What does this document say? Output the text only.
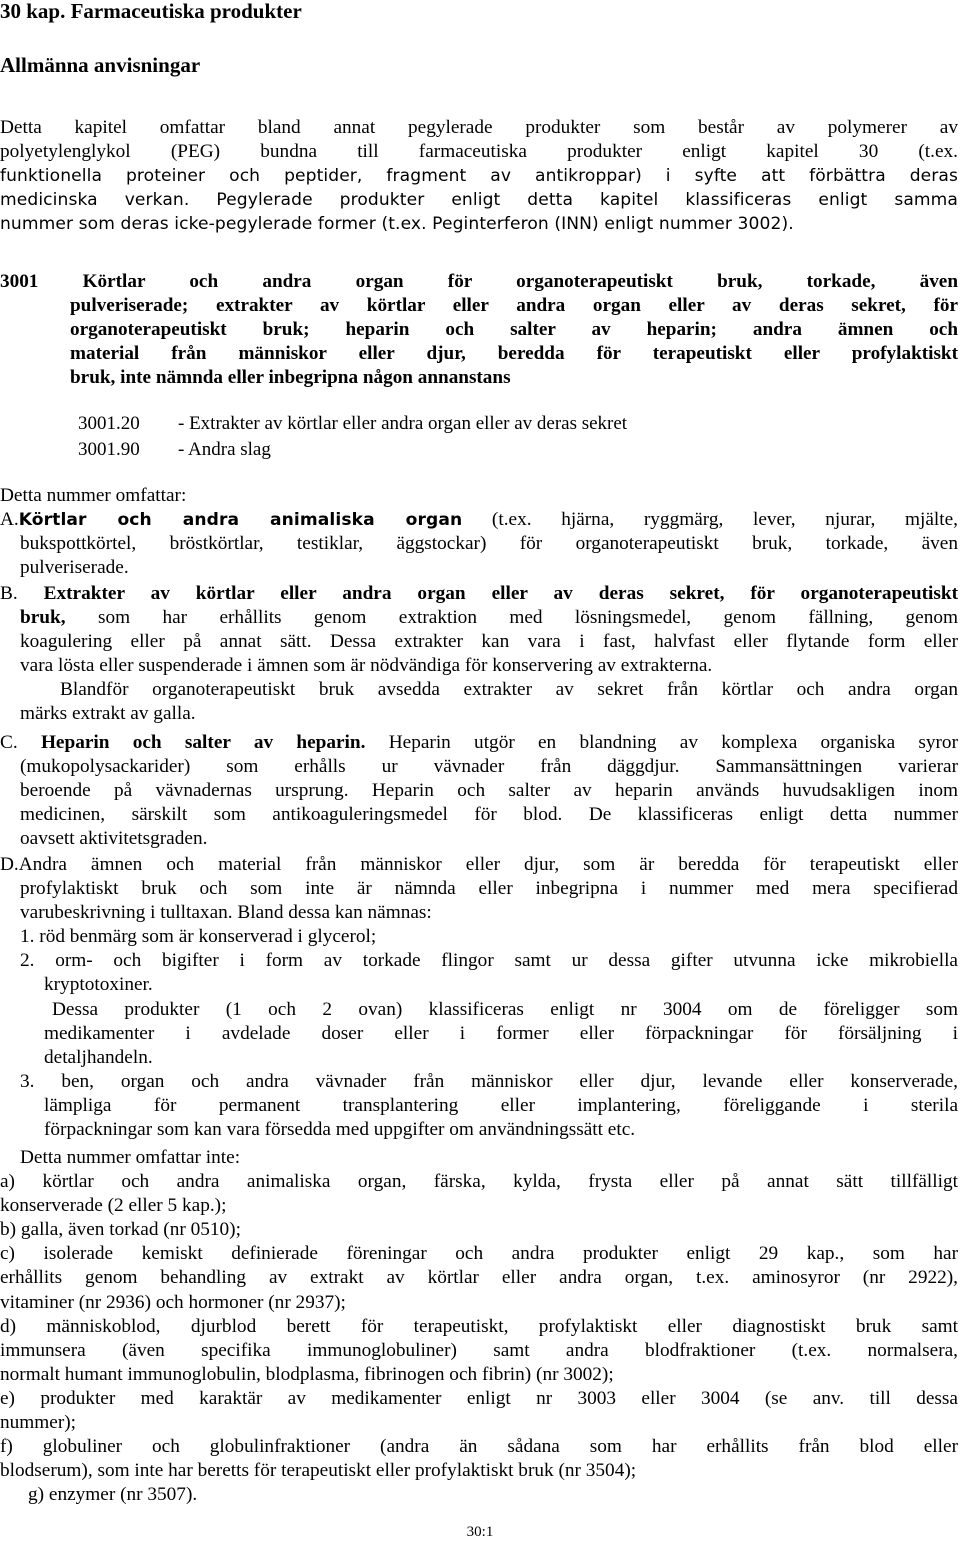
30 kap. Farmaceutiska produkter
Allmänna anvisningar
Detta kapitel omfattar bland annat pegylerade produkter som består av polymerer av
polyetylenglykol (PEG) bundna till farmaceutiska produkter enligt kapitel 30 (t.ex.
funktionella proteiner och peptider, fragment av antikroppar) i syfte att förbättra deras
medicinska verkan. Pegylerade produkter enligt detta kapitel klassificeras enligt samma
nummer som deras icke-pegylerade former (t.ex. Peginterferon (INN) enligt nummer 3002).
3001 Körtlar och andra organ för organoterapeutiskt bruk, torkade, även
pulveriserade; extrakter av körtlar eller andra organ eller av deras sekret, för
organoterapeutiskt bruk; heparin och salter av heparin; andra ämnen och
material från människor eller djur, beredda för terapeutiskt eller profylaktiskt
bruk, inte nämnda eller inbegripna någon annanstans
3001.20 - Extrakter av körtlar eller andra organ eller av deras sekret
3001.90 - Andra slag
Detta nummer omfattar:
A.Körtlar och andra animaliska organ (t.ex. hjärna, ryggmärg, lever, njurar, mjälte,
bukspottkörtel, bröstkörtlar, testiklar, äggstockar) för organoterapeutiskt bruk, torkade, även
pulveriserade.
B. Extrakter av körtlar eller andra organ eller av deras sekret, för organoterapeutiskt
bruk, som har erhållits genom extraktion med lösningsmedel, genom fällning, genom
koagulering eller på annat sätt. Dessa extrakter kan vara i fast, halvfast eller flytande form eller
vara lösta eller suspenderade i ämnen som är nödvändiga för konservering av extrakterna.
Blandför organoterapeutiskt bruk avsedda extrakter av sekret från körtlar och andra organ
märks extrakt av galla.
C. Heparin och salter av heparin. Heparin utgör en blandning av komplexa organiska syror
(mukopolysackarider) som erhålls ur vävnader från däggdjur. Sammansättningen varierar
beroende på vävnadernas ursprung. Heparin och salter av heparin används huvudsakligen inom
medicinen, särskilt som antikoaguleringsmedel för blod. De klassificeras enligt detta nummer
oavsett aktivitetsgraden.
D.Andra ämnen och material från människor eller djur, som är beredda för terapeutiskt eller
profylaktiskt bruk och som inte är nämnda eller inbegripna i nummer med mera specifierad
varubeskrivning i tulltaxan. Bland dessa kan nämnas:
1. röd benmärg som är konserverad i glycerol;
2. orm- och bigifter i form av torkade flingor samt ur dessa gifter utvunna icke mikrobiella
kryptotoxiner.
Dessa produkter (1 och 2 ovan) klassificeras enligt nr 3004 om de föreligger som
medikamenter i avdelade doser eller i former eller förpackningar för försäljning i
detaljhandeln.
3. ben, organ och andra vävnader från människor eller djur, levande eller konserverade,
lämpliga för permanent transplantering eller implantering, föreliggande i sterila
förpackningar som kan vara försedda med uppgifter om användningssätt etc.
Detta nummer omfattar inte:
a) körtlar och andra animaliska organ, färska, kylda, frysta eller på annat sätt tillfälligt
konserverade (2 eller 5 kap.);
b) galla, även torkad (nr 0510);
c) isolerade kemiskt definierade föreningar och andra produkter enligt 29 kap., som har
erhållits genom behandling av extrakt av körtlar eller andra organ, t.ex. aminosyror (nr 2922),
vitaminer (nr 2936) och hormoner (nr 2937);
d) människoblod, djurblod berett för terapeutiskt, profylaktiskt eller diagnostiskt bruk samt
immunsera (även specifika immunoglobuliner) samt andra blodfraktioner (t.ex. normalsera,
normalt humant immunoglobulin, blodplasma, fibrinogen och fibrin) (nr 3002);
e) produkter med karaktär av medikamenter enligt nr 3003 eller 3004 (se anv. till dessa
nummer);
f) globuliner och globulinfraktioner (andra än sådana som har erhållits från blod eller
blodserum), som inte har beretts för terapeutiskt eller profylaktiskt bruk (nr 3504);
g) enzymer (nr 3507).
30:1
